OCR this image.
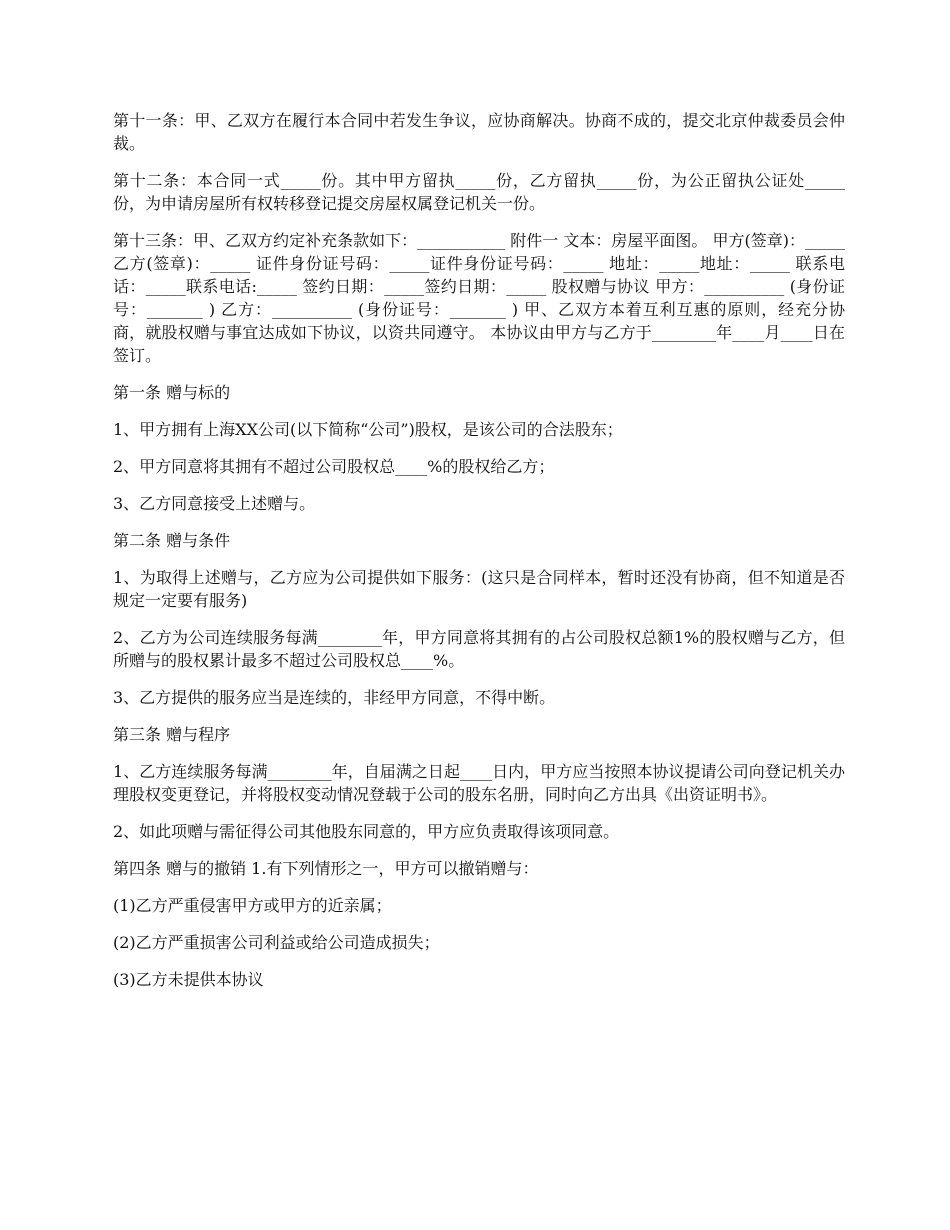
第十一条：甲、乙双方在履行本合同中若发生争议，应协商解决。协商不成的，提交北京仲裁委员会仲裁。

第十二条：本合同一式_____份。其中甲方留执_____份，乙方留执_____份，为公正留执公证处_____份，为申请房屋所有权转移登记提交房屋权属登记机关一份。

第十三条：甲、乙双方约定补充条款如下：___________ 附件一 文本：房屋平面图。 甲方(签章)：_____乙方(签章)：_____ 证件身份证号码：_____证件身份证号码：_____ 地址：_____地址：_____ 联系电话：_____联系电话:_____ 签约日期：_____签约日期：_____ 股权赠与协议 甲方：__________ (身份证号：_______ ) 乙方：__________ (身份证号：_______ ) 甲、乙双方本着互利互惠的原则，经充分协商，就股权赠与事宜达成如下协议，以资共同遵守。 本协议由甲方与乙方于________年____月____日在 签订。

第一条 赠与标的

1、甲方拥有上海XX公司(以下简称“公司”)股权，是该公司的合法股东；

2、甲方同意将其拥有不超过公司股权总____%的股权给乙方；

3、乙方同意接受上述赠与。

第二条 赠与条件

1、为取得上述赠与，乙方应为公司提供如下服务：(这只是合同样本，暂时还没有协商，但不知道是否规定一定要有服务)

2、乙方为公司连续服务每满________年，甲方同意将其拥有的占公司股权总额1%的股权赠与乙方，但所赠与的股权累计最多不超过公司股权总____%。

3、乙方提供的服务应当是连续的，非经甲方同意，不得中断。

第三条 赠与程序

1、乙方连续服务每满________年，自届满之日起____日内，甲方应当按照本协议提请公司向登记机关办理股权变更登记，并将股权变动情况登载于公司的股东名册，同时向乙方出具《出资证明书》。

2、如此项赠与需征得公司其他股东同意的，甲方应负责取得该项同意。

第四条 赠与的撤销 1.有下列情形之一，甲方可以撤销赠与：

(1)乙方严重侵害甲方或甲方的近亲属；

(2)乙方严重损害公司利益或给公司造成损失；

(3)乙方未提供本协议
